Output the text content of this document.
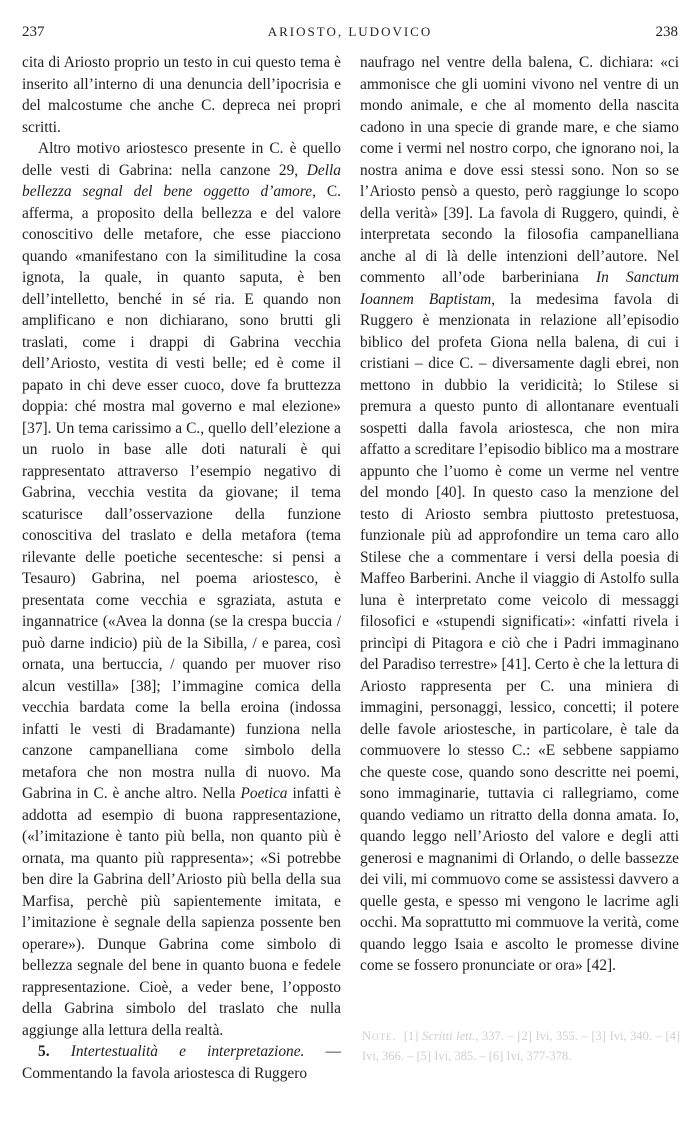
237	ARIOSTO, LUDOVICO	238

cita di Ariosto proprio un testo in cui questo tema è inserito all’interno di una denuncia dell’ipocrisia e del malcostume che anche C. depreca nei propri scritti.

Altro motivo ariostesco presente in C. è quello delle vesti di Gabrina: nella canzone 29, Della bellezza segnal del bene oggetto d’amore, C. afferma, a proposito della bellezza e del valore conoscitivo delle metafore, che esse piacciono quando «manifestano con la similitudine la cosa ignota, la quale, in quanto saputa, è ben dell’intelletto, benché in sé ria. E quando non amplificano e non dichiarano, sono brutti gli traslati, come i drappi di Gabrina vecchia dell’Ariosto, vestita di vesti belle; ed è come il papato in chi deve esser cuoco, dove fa bruttezza doppia: ché mostra mal governo e mal elezione» [37]. Un tema carissimo a C., quello dell’elezione a un ruolo in base alle doti naturali è qui rappresentato attraverso l’esempio negativo di Gabrina, vecchia vestita da giovane; il tema scaturisce dall’osservazione della funzione conoscitiva del traslato e della metafora (tema rilevante delle poetiche secentesche: si pensi a Tesauro) Gabrina, nel poema ariostesco, è presentata come vecchia e sgraziata, astuta e ingannatrice («Avea la donna (se la crespa buccia / può darne indicio) più de la Sibilla, / e parea, così ornata, una bertuccia, / quando per muover riso alcun vestilla» [38]; l’immagine comica della vecchia bardata come la bella eroina (indossa infatti le vesti di Bradamante) funziona nella canzone campanelliana come simbolo della metafora che non mostra nulla di nuovo. Ma Gabrina in C. è anche altro. Nella Poetica infatti è addotta ad esempio di buona rappresentazione, («l’imitazione è tanto più bella, non quanto più è ornata, ma quanto più rappresenta»; «Si potrebbe ben dire la Gabrina dell’Ariosto più bella della sua Marfisa, perchè più sapientemente imitata, e l’imitazione è segnale della sapienza possente ben operare»). Dunque Gabrina come simbolo di bellezza segnale del bene in quanto buona e fedele rappresentazione. Cioè, a veder bene, l’opposto della Gabrina simbolo del traslato che nulla aggiunge alla lettura della realtà.

5. Intertestualità e interpretazione. — Commentando la favola ariostesca di Ruggero

naufrago nel ventre della balena, C. dichiara: «ci ammonisce che gli uomini vivono nel ventre di un mondo animale, e che al momento della nascita cadono in una specie di grande mare, e che siamo come i vermi nel nostro corpo, che ignorano noi, la nostra anima e dove essi stessi sono. Non so se l’Ariosto pensò a questo, però raggiunge lo scopo della verità» [39]. La favola di Ruggero, quindi, è interpretata secondo la filosofia campanelliana anche al di là delle intenzioni dell’autore. Nel commento all’ode barberiniana In Sanctum Ioannem Baptistam, la medesima favola di Ruggero è menzionata in relazione all’episodio biblico del profeta Giona nella balena, di cui i cristiani – dice C. – diversamente dagli ebrei, non mettono in dubbio la veridicità; lo Stilese si premura a questo punto di allontanare eventuali sospetti dalla favola ariostesca, che non mira affatto a screditare l’episodio biblico ma a mostrare appunto che l’uomo è come un verme nel ventre del mondo [40]. In questo caso la menzione del testo di Ariosto sembra piuttosto pretestuosa, funzionale più ad approfondire un tema caro allo Stilese che a commentare i versi della poesia di Maffeo Barberini. Anche il viaggio di Astolfo sulla luna è interpretato come veicolo di messaggi filosofici e «stupendi significati»: «infatti rivela i princìpi di Pitagora e ciò che i Padri immaginano del Paradiso terrestre» [41]. Certo è che la lettura di Ariosto rappresenta per C. una miniera di immagini, personaggi, lessico, concetti; il potere delle favole ariostesche, in particolare, è tale da commuovere lo stesso C.: «E sebbene sappiamo che queste cose, quando sono descritte nei poemi, sono immaginarie, tuttavia ci rallegriamo, come quando vediamo un ritratto della donna amata. Io, quando leggo nell’Ariosto del valore e degli atti generosi e magnanimi di Orlando, o delle bassezze dei vili, mi commuovo come se assistessi davvero a quelle gesta, e spesso mi vengono le lacrime agli occhi. Ma soprattutto mi commuove la verità, come quando leggo Isaia e ascolto le promesse divine come se fossero pronunciate or ora» [42].

Note. [1] Scritti lett., 337. – [2] Ivi, 355. – [3] Ivi, 340. – [4] Ivi, 366. – [5] Ivi, 385. – [6] Ivi, 377-378.
